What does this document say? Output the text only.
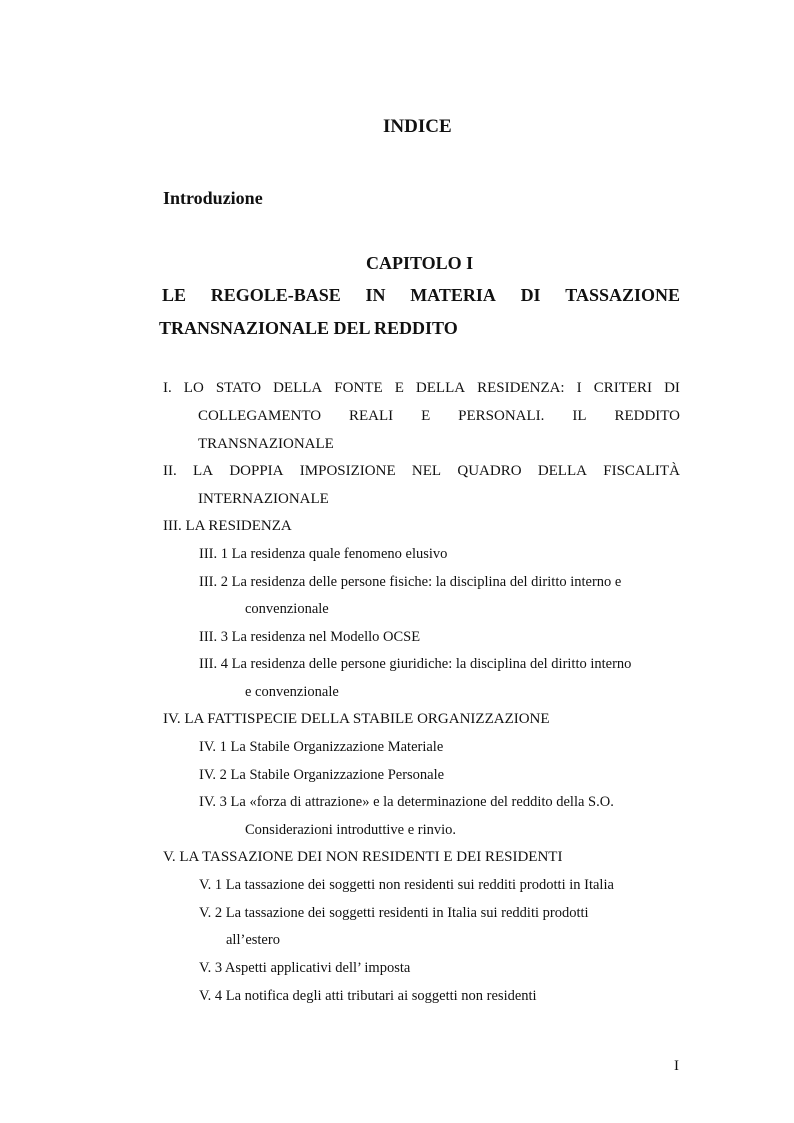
INDICE
Introduzione
CAPITOLO I
LE REGOLE-BASE IN MATERIA DI TASSAZIONE
TRANSNAZIONALE DEL REDDITO
I. LO STATO DELLA FONTE E DELLA RESIDENZA: I CRITERI DI
COLLEGAMENTO REALI E PERSONALI. IL REDDITO
TRANSNAZIONALE
II. LA DOPPIA IMPOSIZIONE NEL QUADRO DELLA FISCALITÀ
INTERNAZIONALE
III. LA RESIDENZA
III. 1 La residenza quale fenomeno elusivo
III. 2 La residenza delle persone fisiche: la disciplina del diritto interno e
convenzionale
III. 3 La residenza nel Modello OCSE
III. 4 La residenza delle persone giuridiche: la disciplina del diritto interno
e convenzionale
IV. LA FATTISPECIE DELLA STABILE ORGANIZZAZIONE
IV. 1 La Stabile Organizzazione Materiale
IV. 2 La Stabile Organizzazione Personale
IV. 3 La «forza di attrazione» e la determinazione del reddito della S.O.
Considerazioni introduttive e rinvio.
V. LA TASSAZIONE DEI NON RESIDENTI E DEI RESIDENTI
V. 1 La tassazione dei soggetti non residenti sui redditi prodotti in Italia
V. 2 La tassazione dei soggetti residenti in Italia sui redditi prodotti
all’estero
V. 3 Aspetti applicativi dell’ imposta
V. 4 La notifica degli atti tributari ai soggetti non residenti
I
